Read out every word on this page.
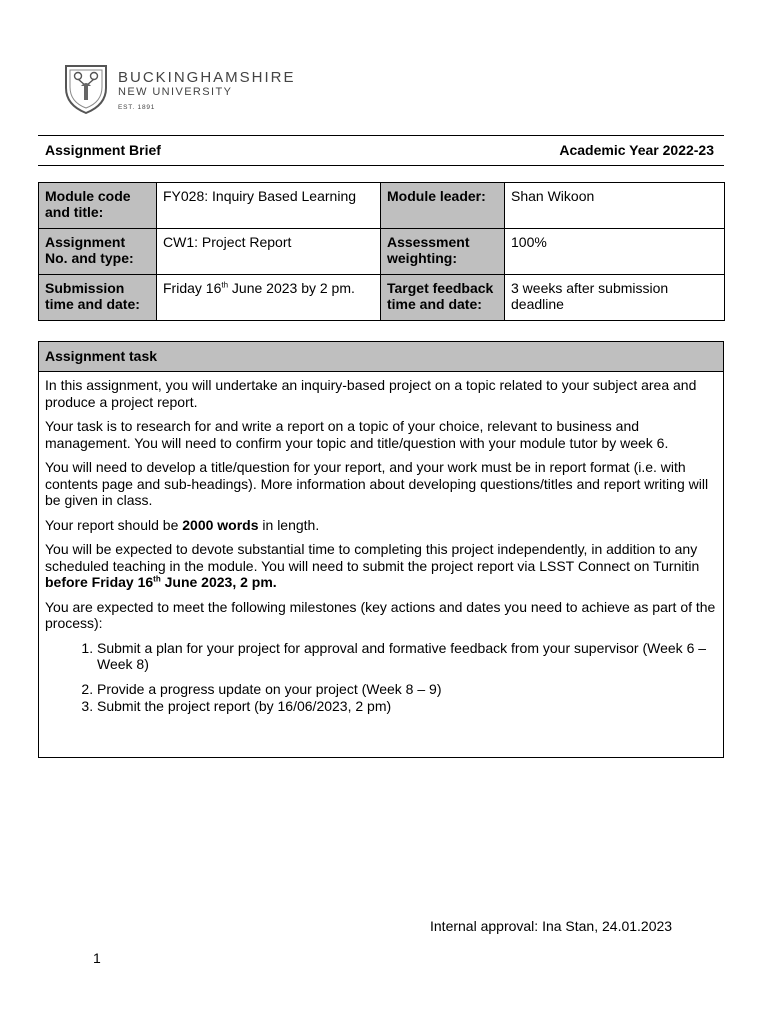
BUCKINGHAMSHIRE
NEW UNIVERSITY
EST. 1891
Assignment Brief	Academic Year 2022-23
Module code and title:	FY028: Inquiry Based Learning	Module leader:	Shan Wikoon
Assignment No. and type:	CW1: Project Report	Assessment weighting:	100%
Submission time and date:	Friday 16th June 2023 by 2 pm.	Target feedback time and date:	3 weeks after submission deadline
Assignment task

In this assignment, you will undertake an inquiry-based project on a topic related to your subject area and produce a project report.

Your task is to research for and write a report on a topic of your choice, relevant to business and management. You will need to confirm your topic and title/question with your module tutor by week 6.

You will need to develop a title/question for your report, and your work must be in report format (i.e. with contents page and sub-headings). More information about developing questions/titles and report writing will be given in class.

Your report should be 2000 words in length.

You will be expected to devote substantial time to completing this project independently, in addition to any scheduled teaching in the module. You will need to submit the project report via LSST Connect on Turnitin before Friday 16th June 2023, 2 pm.

You are expected to meet the following milestones (key actions and dates you need to achieve as part of the process):

1. Submit a plan for your project for approval and formative feedback from your supervisor (Week 6 – Week 8)
2. Provide a progress update on your project (Week 8 – 9)
3. Submit the project report (by 16/06/2023, 2 pm)
Internal approval: Ina Stan, 24.01.2023
1
